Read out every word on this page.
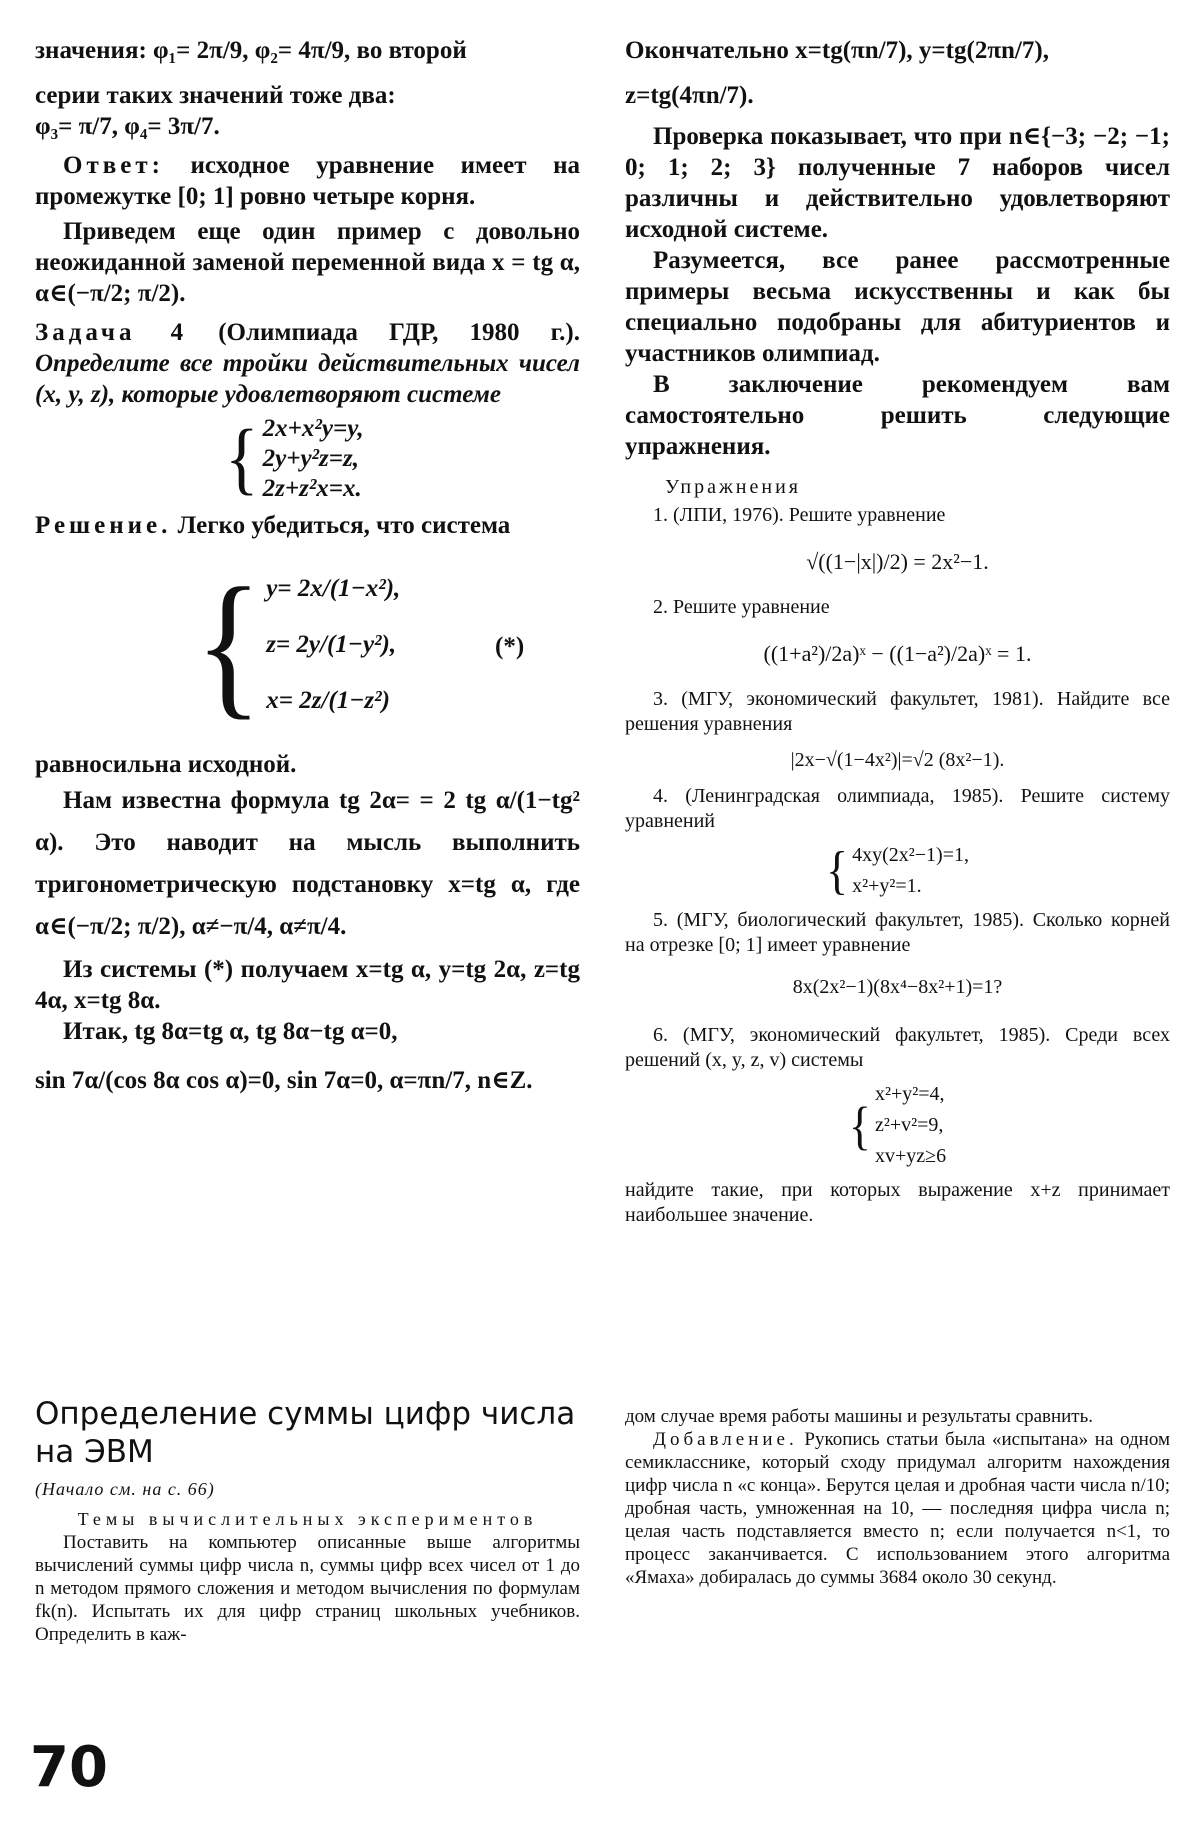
значения: φ₁= 2π/9, φ₂= 4π/9, во второй

серии таких значений тоже два:

φ₃= π/7, φ₄= 3π/7.

Ответ: исходное уравнение имеет на промежутке [0; 1] ровно четыре корня.

Приведем еще один пример с довольно неожиданной заменой переменной вида x = tg α, α∈(−π/2; π/2).

Задача 4 (Олимпиада ГДР, 1980 г.). Определите все тройки действительных чисел (x, y, z), которые удовлетворяют системе

{ 2x+x²y=y,
2y+y²z=z,
2z+z²x=x.

Решение. Легко убедиться, что система

{ y= 2x/(1−x²),
z= 2y/(1−y²),
x= 2z/(1−z²)
(*)

равносильна исходной.

Нам известна формула tg 2α= = 2 tg α/(1−tg² α). Это наводит на мысль выполнить тригонометрическую подстановку x=tg α, где α∈(−π/2; π/2), α≠−π/4, α≠π/4.

Из системы (*) получаем x=tg α, y=tg 2α, z=tg 4α, x=tg 8α.

Итак, tg 8α=tg α, tg 8α−tg α=0,

sin 7α/(cos 8α cos α)=0, sin 7α=0, α=πn/7, n∈Z.

Окончательно x=tg(πn/7), y=tg(2πn/7),

z=tg(4πn/7).

Проверка показывает, что при n∈{−3; −2; −1; 0; 1; 2; 3} полученные 7 наборов чисел различны и действительно удовлетворяют исходной системе.

Разумеется, все ранее рассмотренные примеры весьма искусственны и как бы специально подобраны для абитуриентов и участников олимпиад.

В заключение рекомендуем вам самостоятельно решить следующие упражнения.

Упражнения

1. (ЛПИ, 1976). Решите уравнение

√((1−|x|)/2) = 2x²−1.

2. Решите уравнение

((1+a²)/2a)ˣ − ((1−a²)/2a)ˣ = 1.

3. (МГУ, экономический факультет, 1981). Найдите все решения уравнения

|2x−√(1−4x²)|=√2 (8x²−1).

4. (Ленинградская олимпиада, 1985). Решите систему уравнений

{ 4xy(2x²−1)=1,
x²+y²=1.

5. (МГУ, биологический факультет, 1985). Сколько корней на отрезке [0; 1] имеет уравнение

8x(2x²−1)(8x⁴−8x²+1)=1?

6. (МГУ, экономический факультет, 1985). Среди всех решений (x, y, z, v) системы

{
x²+y²=4,
z²+v²=9,
xv+yz≥6

найдите такие, при которых выражение x+z принимает наибольшее значение.

Определение суммы цифр числа на ЭВМ
(Начало см. на с. 66)
Темы вычислительных экспериментов

Поставить на компьютер описанные выше алгоритмы вычислений суммы цифр числа n, суммы цифр всех чисел от 1 до n методом прямого сложения и методом вычисления по формулам fk(n). Испытать их для цифр страниц школьных учебников. Определить в каж-

дом случае время работы машины и результаты сравнить.

Добавление. Рукопись статьи была «испытана» на одном семикласснике, который сходу придумал алгоритм нахождения цифр числа n «с конца». Берутся целая и дробная части числа n/10; дробная часть, умноженная на 10, — последняя цифра числа n; целая часть подставляется вместо n; если получается n<1, то процесс заканчивается. С использованием этого алгоритма «Ямаха» добиралась до суммы 3684 около 30 секунд.

70
